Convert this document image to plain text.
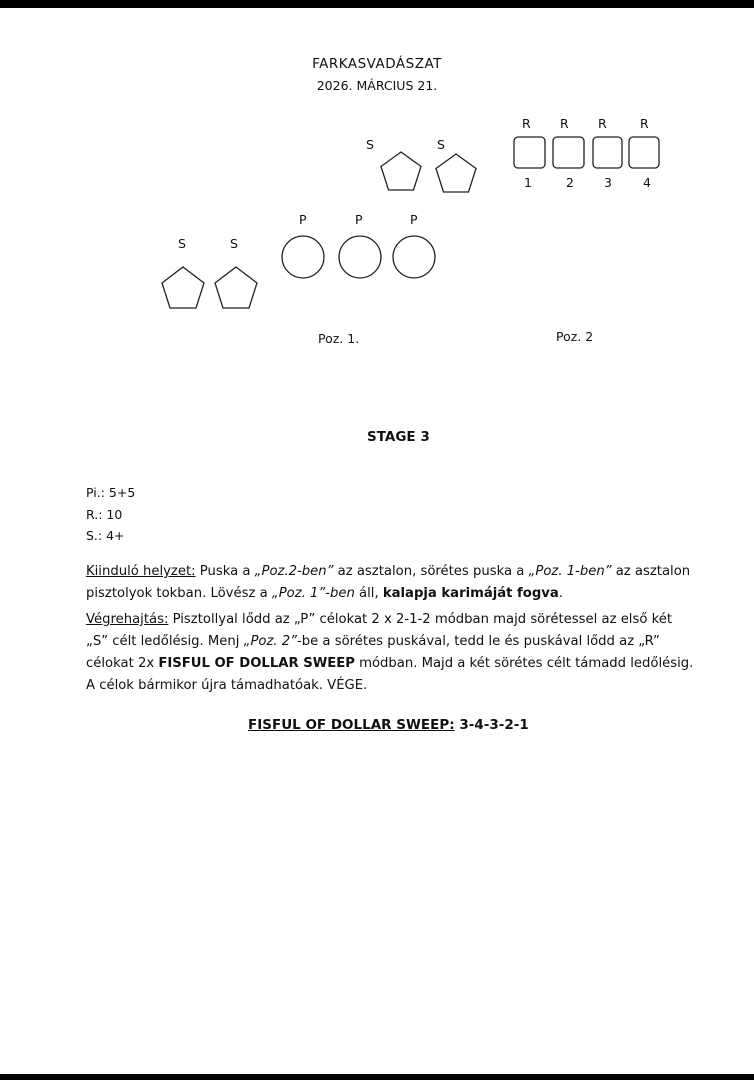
FARKASVADÁSZAT
2026. MÁRCIUS 21.
S	S
R R R	R
1	2 3 4
P	P	P
S	S
Poz. 1.	Poz. 2
STAGE 3
Pi.: 5+5
R.: 10
S.: 4+
Kiinduló helyzet: Puska a „Poz.2-ben” az asztalon, sörétes puska a „Poz. 1-ben” az asztalon
pisztolyok tokban. Lövész a „Poz. 1”-ben áll, kalapja karimáját fogva.
Végrehajtás: Pisztollyal lődd az „P” célokat 2 x 2-1-2 módban majd sörétessel az első két
„S” célt ledőlésig. Menj „Poz. 2”-be a sörétes puskával, tedd le és puskával lődd az „R”
célokat 2x FISFUL OF DOLLAR SWEEP módban. Majd a két sörétes célt támadd ledőlésig.
A célok bármikor újra támadhatóak. VÉGE.
FISFUL OF DOLLAR SWEEP: 3-4-3-2-1
